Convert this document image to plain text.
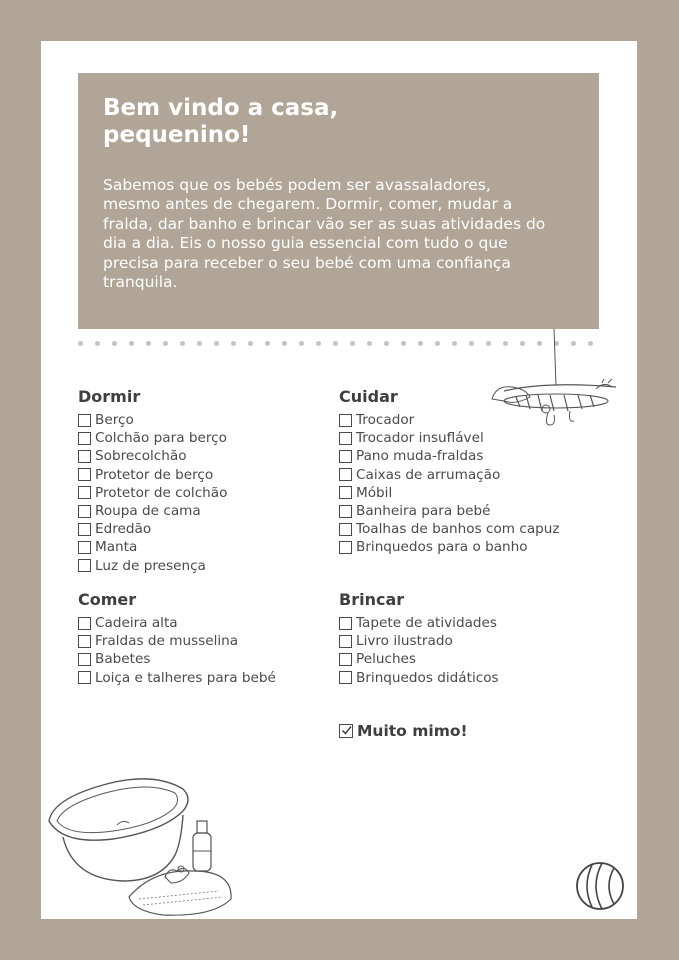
Bem vindo a casa,
pequenino!

Sabemos que os bebés podem ser avassaladores, mesmo antes de chegarem. Dormir, comer, mudar a fralda, dar banho e brincar vão ser as suas atividades do dia a dia. Eis o nosso guia essencial com tudo o que precisa para receber o seu bebé com uma confiança tranquila.

Dormir
Berço
Colchão para berço
Sobrecolchão
Protetor de berço
Protetor de colchão
Roupa de cama
Edredão
Manta
Luz de presença
Comer
Cadeira alta
Fraldas de musselina
Babetes
Loiça e talheres para bebé
Cuidar
Trocador
Trocador insuflável
Pano muda-fraldas
Caixas de arrumação
Móbil
Banheira para bebé
Toalhas de banhos com capuz
Brinquedos para o banho
Brincar
Tapete de atividades
Livro ilustrado
Peluches
Brinquedos didáticos
Muito mimo!
